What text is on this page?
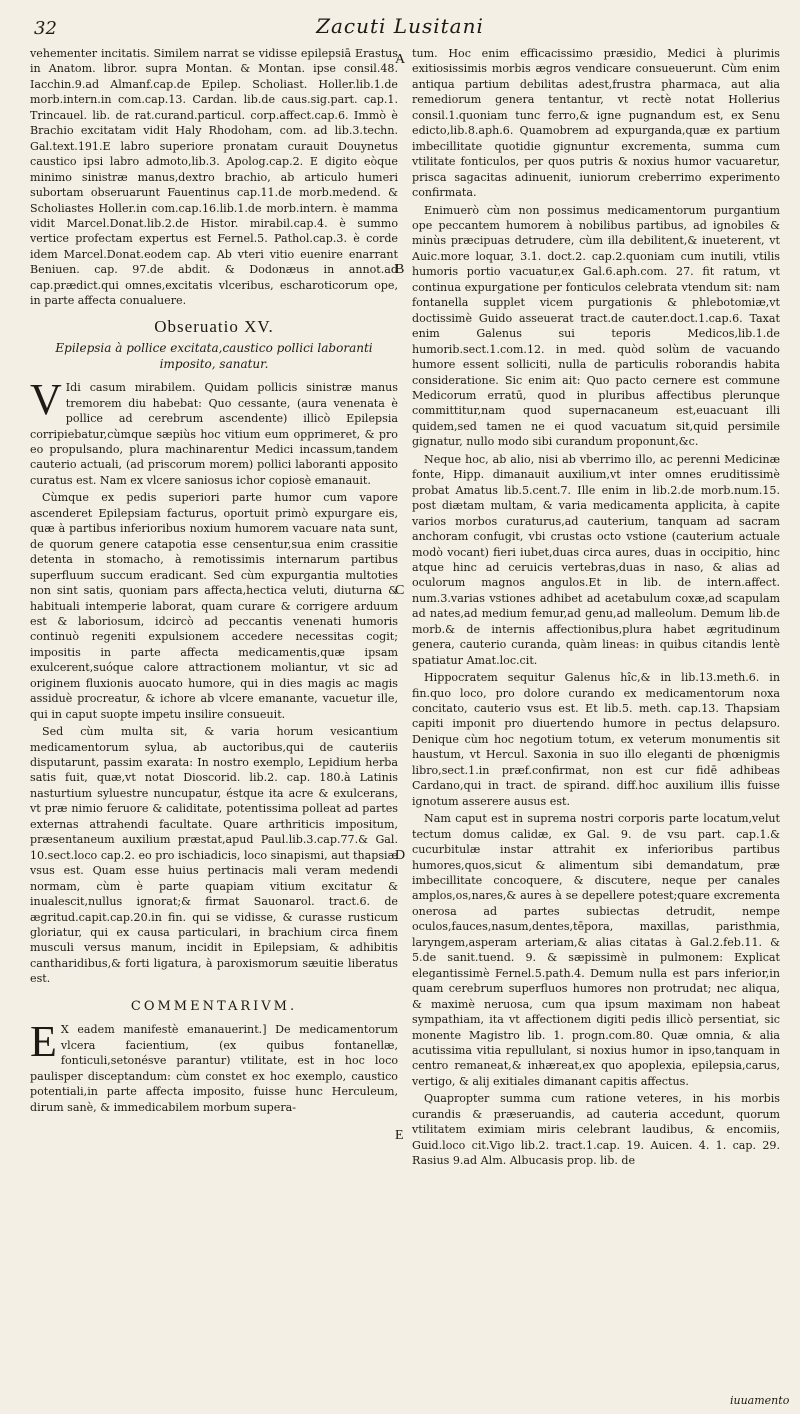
32	Zacuti Lusitani

vehementer incitatis. Similem narrat se vidisse epilepsiā Erastus in Anatom. libror. supra Montan. & Montan. ipse consil.48. Iacchin.9.ad Almanf.cap.de Epilep. Scholiast. Holler.lib.1.de morb.intern.in com.cap.13. Cardan. lib.de caus.sig.part. cap.1. Trincauel. lib. de rat.curand.particul. corp.affect.cap.6. Immò è Brachio excitatam vidit Haly Rhodoham, com. ad lib.3.techn. Gal.text.191.E labro superiore pronatam curauit Douynetus caustico ipsi labro admoto,lib.3. Apolog.cap.2. E digito eòque minimo sinistræ manus,dextro brachio, ab articulo humeri subortam obseruarunt Fauentinus cap.11.de morb.medend. & Scholiastes Holler.in com.cap.16.lib.1.de morb.intern. è mamma vidit Marcel.Donat.lib.2.de Histor. mirabil.cap.4. è summo vertice profectam expertus est Fernel.5. Pathol.cap.3. è corde idem Marcel.Donat.eodem cap. Ab vteri vitio euenire enarrant Beniuen. cap. 97.de abdit. & Dodonæus in annot.ad cap.prædict.qui omnes,excitatis vlceribus, escharoticorum ope, in parte affecta conualuere.

Obseruatio XV.
Epilepsia à pollice excitata,caustico pollici laboranti imposito, sanatur.

V Idi casum mirabilem. Quidam pollicis sinistræ manus tremorem diu habebat: Quo cessante, (aura venenata è pollice ad cerebrum ascendente) illicò Epilepsia corripiebatur,cùmque sæpiùs hoc vitium eum opprimeret, & pro eo propulsando, plura machinarentur Medici incassum,tandem cauterio actuali, (ad priscorum morem) pollici laboranti apposito curatus est. Nam ex vlcere saniosus ichor copiosè emanauit.

Cùmque ex pedis superiori parte humor cum vapore ascenderet Epilepsiam facturus, oportuit primò expurgare eis, quæ à partibus inferioribus noxium humorem vacuare nata sunt, de quorum genere catapotia esse censentur,sua enim crassitie detenta in stomacho, à remotissimis internarum partibus superfluum succum eradicant. Sed cùm expurgantia multoties non sint satis, quoniam pars affecta,hectica veluti, diuturna & habituali intemperie laborat, quam curare & corrigere arduum est & laboriosum, idcircò ad peccantis venenati humoris continuò regeniti expulsionem accedere necessitas cogit; impositis in parte affecta medicamentis,quæ ipsam exulcerent,suóque calore attractionem moliantur, vt sic ad originem fluxionis auocato humore, qui in dies magis ac magis assiduè procreatur, & ichore ab vlcere emanante, vacuetur ille, qui in caput suopte impetu insilire consueuit.

Sed cùm multa sit, & varia horum vesicantium medicamentorum sylua, ab auctoribus,qui de cauteriis disputarunt, passim exarata: In nostro exemplo, Lepidium herba satis fuit, quæ,vt notat Dioscorid. lib.2. cap. 180.à Latinis nasturtium syluestre nuncupatur, éstque ita acre & exulcerans, vt præ nimio feruore & caliditate, potentissima polleat ad partes externas attrahendi facultate. Quare arthriticis impositum, præsentaneum auxilium præstat,apud Paul.lib.3.cap.77.& Gal. 10.sect.loco cap.2. eo pro ischiadicis, loco sinapismi, aut thapsiæ vsus est. Quam esse huius pertinacis mali veram medendi normam, cùm è parte quapiam vitium excitatur & inualescit,nullus ignorat;& firmat Sauonarol. tract.6. de ægritud.capit.cap.20.in fin. qui se vidisse, & curasse rusticum gloriatur, qui ex causa particulari, in brachium circa finem musculi versus manum, incidit in Epilepsiam, & adhibitis cantharidibus,& forti ligatura, à paroxismorum sæuitie liberatus est.

COMMENTARIVM.

E X eadem manifestè emanauerint.] De medicamentorum vlcera facientium, (ex quibus fontanellæ, fonticuli,setonésve parantur) vtilitate, est in hoc loco paulisper disceptandum: cùm constet ex hoc exemplo, caustico potentiali,in parte affecta imposito, fuisse hunc Herculeum, dirum sanè, & immedicabilem morbum supera-

A
B
C
D
E

tum. Hoc enim efficacissimo præsidio, Medici à plurimis exitiosissimis morbis ægros vendicare consueuerunt. Cùm enim antiqua partium debilitas adest,frustra pharmaca, aut alia remediorum genera tentantur, vt rectè notat Hollerius consil.1.quoniam tunc ferro,& igne pugnandum est, ex Senu edicto,lib.8.aph.6. Quamobrem ad expurganda,quæ ex partium imbecillitate quotidie gignuntur excrementa, summa cum vtilitate fonticulos, per quos putris & noxius humor vacuaretur, prisca sagacitas adinuenit, iuniorum creberrimo experimento confirmata.

Enimuerò cùm non possimus medicamentorum purgantium ope peccantem humorem à nobilibus partibus, ad ignobiles & minùs præcipuas detrudere, cùm illa debilitent,& inueterent, vt Auic.more loquar, 3.1. doct.2. cap.2.quoniam cum inutili, vtilis humoris portio vacuatur,ex Gal.6.aph.com. 27. fit ratum, vt continua expurgatione per fonticulos celebrata vtendum sit: nam fontanella supplet vicem purgationis & phlebotomiæ,vt doctissimè Guido asseuerat tract.de cauter.doct.1.cap.6. Taxat enim Galenus sui teporis Medicos,lib.1.de humorib.sect.1.com.12. in med. quòd solùm de vacuando humore essent solliciti, nulla de particulis roborandis habita consideratione. Sic enim ait: Quo pacto cernere est commune Medicorum erratū, quod in pluribus affectibus plerunque committitur,nam quod supernacaneum est,euacuant illi quidem,sed tamen ne ei quod vacuatum sit,quid persimile gignatur, nullo modo sibi curandum proponunt,&c.

Neque hoc, ab alio, nisi ab vberrimo illo, ac perenni Medicinæ fonte, Hipp. dimanauit auxilium,vt inter omnes eruditissimè probat Amatus lib.5.cent.7. Ille enim in lib.2.de morb.num.15. post diætam multam, & varia medicamenta applicita, à capite varios morbos curaturus,ad cauterium, tanquam ad sacram anchoram confugit, vbi crustas octo vstione (cauterium actuale modò vocant) fieri iubet,duas circa aures, duas in occipitio, hinc atque hinc ad ceruicis vertebras,duas in naso, & alias ad oculorum magnos angulos.Et in lib. de intern.affect. num.3.varias vstiones adhibet ad acetabulum coxæ,ad scapulam ad nates,ad medium femur,ad genu,ad malleolum. Demum lib.de morb.& de internis affectionibus,plura habet ægritudinum genera, cauterio curanda, quàm lineas: in quibus citandis lentè spatiatur Amat.loc.cit.

Hippocratem sequitur Galenus hîc,& in lib.13.meth.6. in fin.quo loco, pro dolore curando ex medicamentorum noxa concitato, cauterio vsus est. Et lib.5. meth. cap.13. Thapsiam capiti imponit pro diuertendo humore in pectus delapsuro. Denique cùm hoc negotium totum, ex veterum monumentis sit haustum, vt Hercul. Saxonia in suo illo eleganti de phœnigmis libro,sect.1.in præf.confirmat, non est cur fidē adhibeas Cardano,qui in tract. de spirand. diff.hoc auxilium illis fuisse ignotum asserere ausus est.

Nam caput est in suprema nostri corporis parte locatum,velut tectum domus calidæ, ex Gal. 9. de vsu part. cap.1.& cucurbitulæ instar attrahit ex inferioribus partibus humores,quos,sicut & alimentum sibi demandatum, præ imbecillitate concoquere, & discutere, neque per canales amplos,os,nares,& aures à se depellere potest;quare excrementa onerosa ad partes subiectas detrudit, nempe oculos,fauces,nasum,dentes,tēpora, maxillas, paristhmia, laryngem,asperam arteriam,& alias citatas à Gal.2.feb.11. & 5.de sanit.tuend. 9. & sæpissimè in pulmonem: Explicat elegantissimè Fernel.5.path.4. Demum nulla est pars inferior,in quam cerebrum superfluos humores non protrudat; nec aliqua, & maximè neruosa, cum qua ipsum maximam non habeat sympathiam, ita vt affectionem digiti pedis illicò persentiat, sic monente Magistro lib. 1. progn.com.80. Quæ omnia, & alia acutissima vitia repullulant, si noxius humor in ipso,tanquam in centro remaneat,& inhæreat,ex quo apoplexia, epilepsia,carus, vertigo, & alij exitiales dimanant capitis affectus.

Quapropter summa cum ratione veteres, in his morbis curandis & præseruandis, ad cauteria accedunt, quorum vtilitatem eximiam miris celebrant laudibus, & encomiis, Guid.loco cit.Vigo lib.2. tract.1.cap. 19. Auicen. 4. 1. cap. 29. Rasius 9.ad Alm. Albucasis prop. lib. de

iuuamento
